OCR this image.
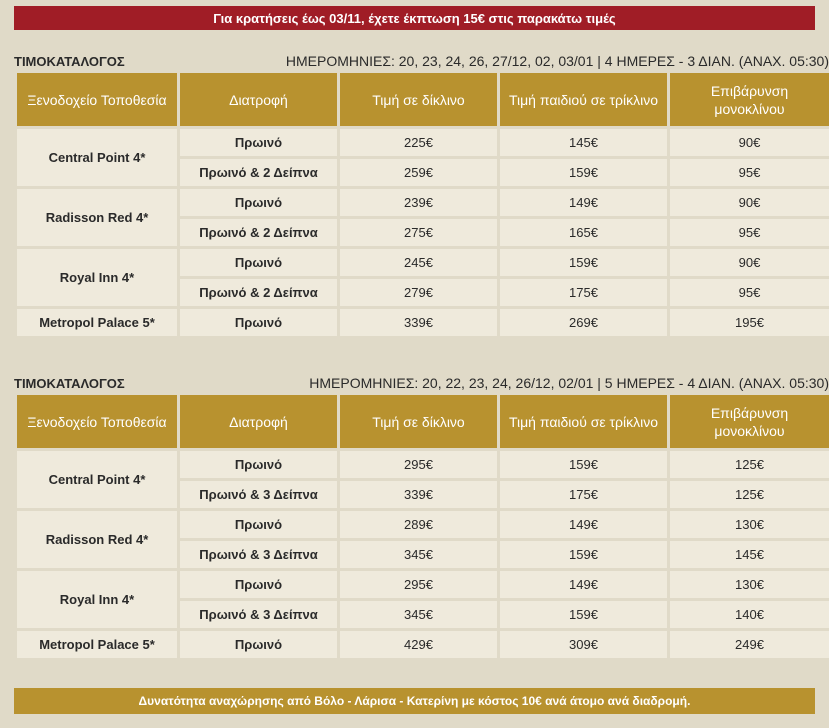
Για κρατήσεις έως 03/11, έχετε έκπτωση 15€ στις παρακάτω τιμές
ΤΙΜΟΚΑΤΑΛΟΓΟΣ	ΗΜΕΡΟΜΗΝΙΕΣ: 20, 23, 24, 26, 27/12, 02, 03/01 | 4 ΗΜΕΡΕΣ - 3 ΔΙΑΝ. (ΑΝΑΧ. 05:30)
Ξενοδοχείο Τοποθεσία	Διατροφή	Τιμή σε δίκλινο	Τιμή παιδιού σε τρίκλινο	Επιβάρυνση μονοκλίνου
Central Point 4*	Πρωινό	225€	145€	90€
	Πρωινό & 2 Δείπνα	259€	159€	95€
Radisson Red 4*	Πρωινό	239€	149€	90€
	Πρωινό & 2 Δείπνα	275€	165€	95€
Royal Inn 4*	Πρωινό	245€	159€	90€
	Πρωινό & 2 Δείπνα	279€	175€	95€
Metropol Palace 5*	Πρωινό	339€	269€	195€
ΤΙΜΟΚΑΤΑΛΟΓΟΣ	ΗΜΕΡΟΜΗΝΙΕΣ: 20, 22, 23, 24, 26/12, 02/01 | 5 ΗΜΕΡΕΣ - 4 ΔΙΑΝ. (ΑΝΑΧ. 05:30)
Ξενοδοχείο Τοποθεσία	Διατροφή	Τιμή σε δίκλινο	Τιμή παιδιού σε τρίκλινο	Επιβάρυνση μονοκλίνου
Central Point 4*	Πρωινό	295€	159€	125€
	Πρωινό & 3 Δείπνα	339€	175€	125€
Radisson Red 4*	Πρωινό	289€	149€	130€
	Πρωινό & 3 Δείπνα	345€	159€	145€
Royal Inn 4*	Πρωινό	295€	149€	130€
	Πρωινό & 3 Δείπνα	345€	159€	140€
Metropol Palace 5*	Πρωινό	429€	309€	249€
Δυνατότητα αναχώρησης από Βόλο - Λάρισα - Κατερίνη με κόστος 10€ ανά άτομο ανά διαδρομή.
